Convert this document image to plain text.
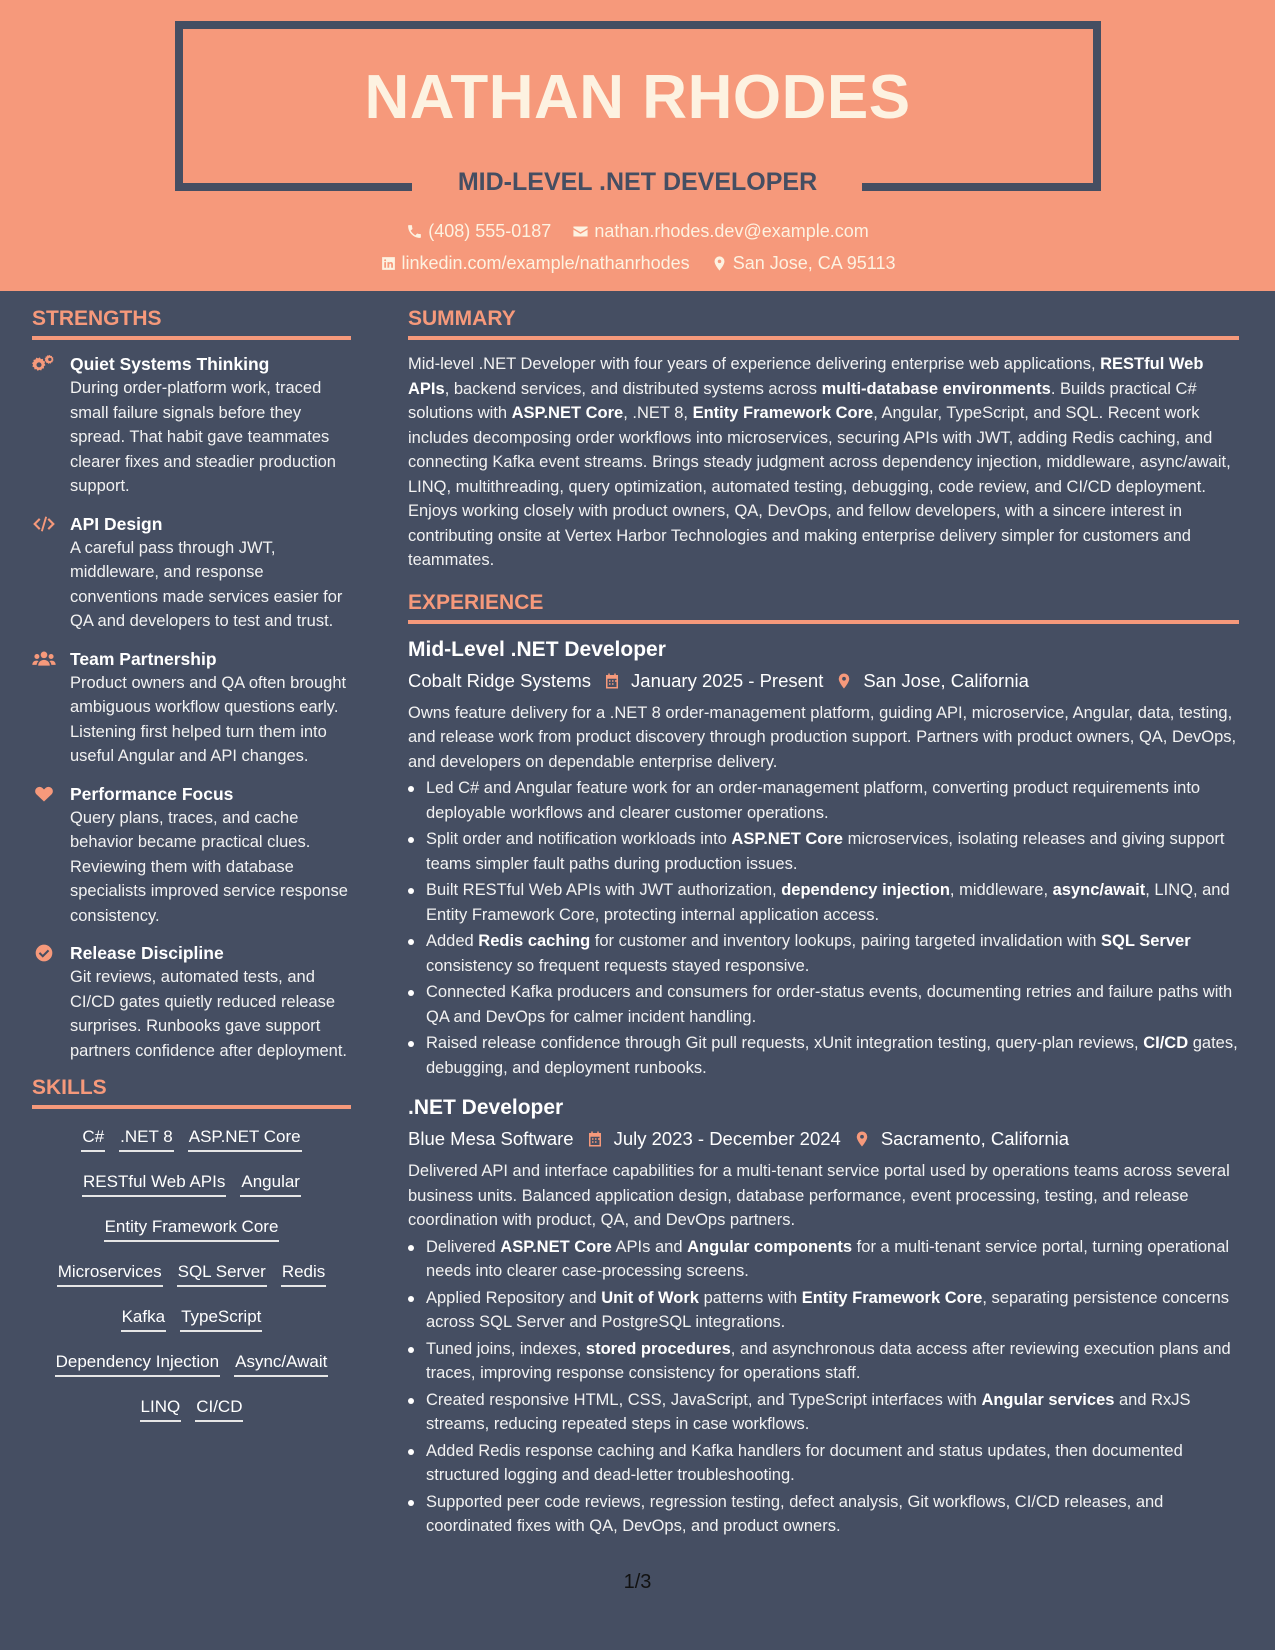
NATHAN RHODES
MID-LEVEL .NET DEVELOPER
(408) 555-0187
nathan.rhodes.dev@example.com
linkedin.com/example/nathanrhodes
San Jose, CA 95113
STRENGTHS
Quiet Systems Thinking
During order-platform work, traced small failure signals before they spread. That habit gave teammates clearer fixes and steadier production support.
API Design
A careful pass through JWT, middleware, and response conventions made services easier for QA and developers to test and trust.
Team Partnership
Product owners and QA often brought ambiguous workflow questions early. Listening first helped turn them into useful Angular and API changes.
Performance Focus
Query plans, traces, and cache behavior became practical clues. Reviewing them with database specialists improved service response consistency.
Release Discipline
Git reviews, automated tests, and CI/CD gates quietly reduced release surprises. Runbooks gave support partners confidence after deployment.
SKILLS
C# .NET 8 ASP.NET Core
RESTful Web APIs Angular
Entity Framework Core
Microservices SQL Server Redis
Kafka TypeScript
Dependency Injection Async/Await
LINQ CI/CD
SUMMARY
Mid-level .NET Developer with four years of experience delivering enterprise web applications, RESTful Web APIs, backend services, and distributed systems across multi-database environments. Builds practical C# solutions with ASP.NET Core, .NET 8, Entity Framework Core, Angular, TypeScript, and SQL. Recent work includes decomposing order workflows into microservices, securing APIs with JWT, adding Redis caching, and connecting Kafka event streams. Brings steady judgment across dependency injection, middleware, async/await, LINQ, multithreading, query optimization, automated testing, debugging, code review, and CI/CD deployment. Enjoys working closely with product owners, QA, DevOps, and fellow developers, with a sincere interest in contributing onsite at Vertex Harbor Technologies and making enterprise delivery simpler for customers and teammates.
EXPERIENCE
Mid-Level .NET Developer
Cobalt Ridge Systems January 2025 - Present San Jose, California
Owns feature delivery for a .NET 8 order-management platform, guiding API, microservice, Angular, data, testing, and release work from product discovery through production support. Partners with product owners, QA, DevOps, and developers on dependable enterprise delivery.
Led C# and Angular feature work for an order-management platform, converting product requirements into deployable workflows and clearer customer operations.
Split order and notification workloads into ASP.NET Core microservices, isolating releases and giving support teams simpler fault paths during production issues.
Built RESTful Web APIs with JWT authorization, dependency injection, middleware, async/await, LINQ, and Entity Framework Core, protecting internal application access.
Added Redis caching for customer and inventory lookups, pairing targeted invalidation with SQL Server consistency so frequent requests stayed responsive.
Connected Kafka producers and consumers for order-status events, documenting retries and failure paths with QA and DevOps for calmer incident handling.
Raised release confidence through Git pull requests, xUnit integration testing, query-plan reviews, CI/CD gates, debugging, and deployment runbooks.
.NET Developer
Blue Mesa Software July 2023 - December 2024 Sacramento, California
Delivered API and interface capabilities for a multi-tenant service portal used by operations teams across several business units. Balanced application design, database performance, event processing, testing, and release coordination with product, QA, and DevOps partners.
Delivered ASP.NET Core APIs and Angular components for a multi-tenant service portal, turning operational needs into clearer case-processing screens.
Applied Repository and Unit of Work patterns with Entity Framework Core, separating persistence concerns across SQL Server and PostgreSQL integrations.
Tuned joins, indexes, stored procedures, and asynchronous data access after reviewing execution plans and traces, improving response consistency for operations staff.
Created responsive HTML, CSS, JavaScript, and TypeScript interfaces with Angular services and RxJS streams, reducing repeated steps in case workflows.
Added Redis response caching and Kafka handlers for document and status updates, then documented structured logging and dead-letter troubleshooting.
Supported peer code reviews, regression testing, defect analysis, Git workflows, CI/CD releases, and coordinated fixes with QA, DevOps, and product owners.
1/3
